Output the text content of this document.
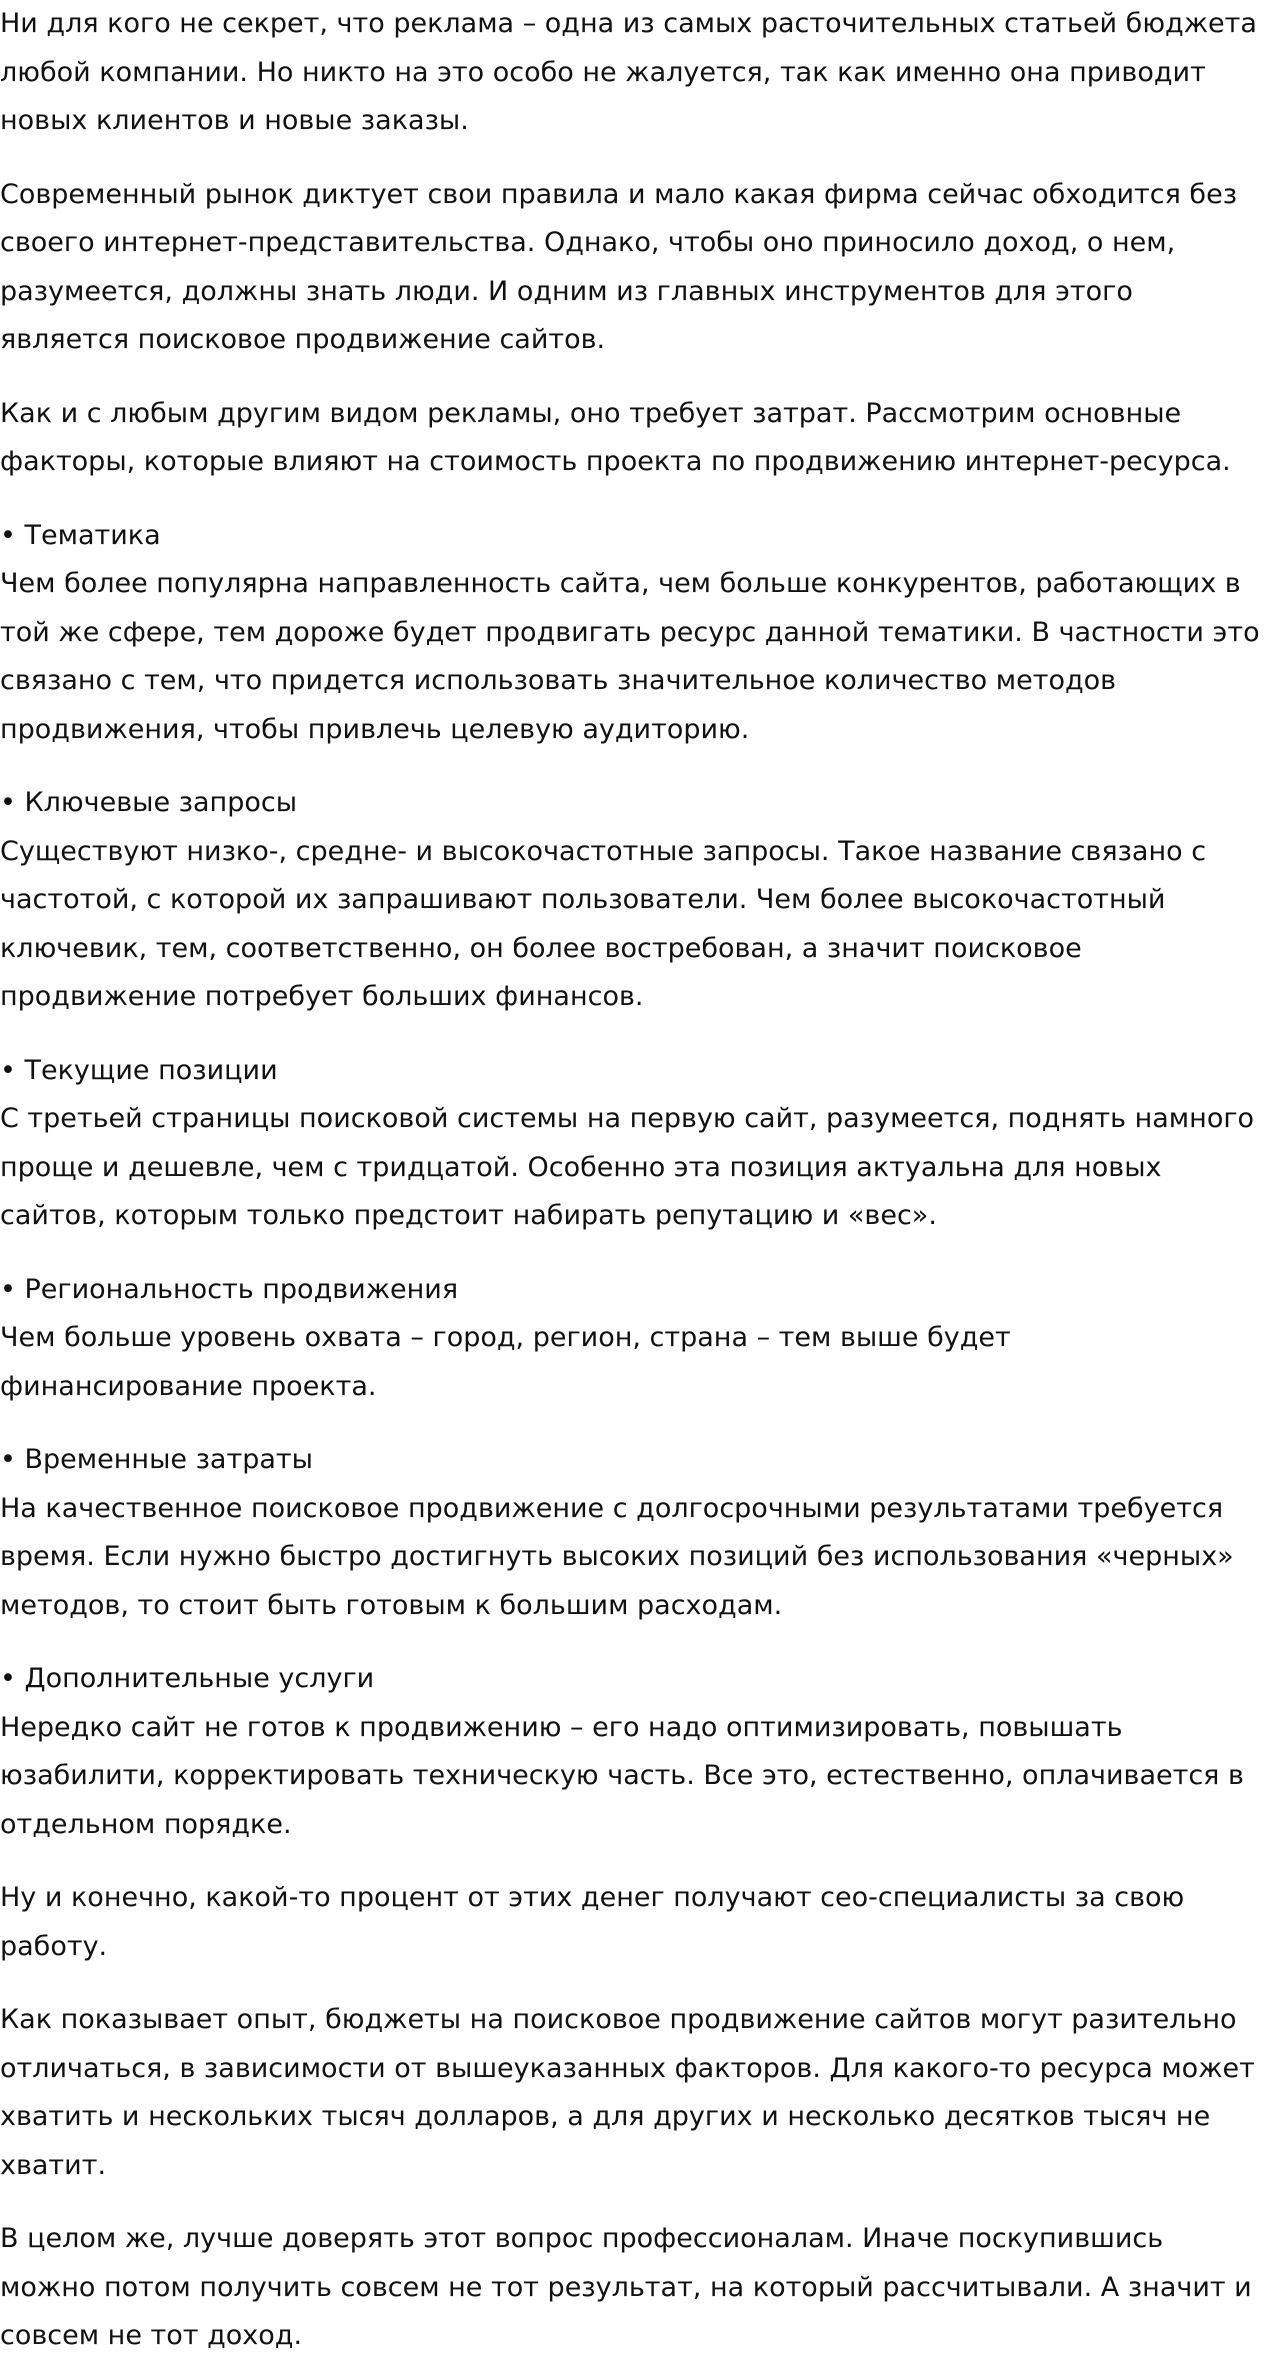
Ни для кого не секрет, что реклама – одна из самых расточительных статьей бюджета любой компании. Но никто на это особо не жалуется, так как именно она приводит новых клиентов и новые заказы.

Современный рынок диктует свои правила и мало какая фирма сейчас обходится без своего интернет-представительства. Однако, чтобы оно приносило доход, о нем, разумеется, должны знать люди. И одним из главных инструментов для этого является поисковое продвижение сайтов.

Как и с любым другим видом рекламы, оно требует затрат. Рассмотрим основные факторы, которые влияют на стоимость проекта по продвижению интернет-ресурса.

• Тематика
Чем более популярна направленность сайта, чем больше конкурентов, работающих в той же сфере, тем дороже будет продвигать ресурс данной тематики. В частности это связано с тем, что придется использовать значительное количество методов продвижения, чтобы привлечь целевую аудиторию.

• Ключевые запросы
Существуют низко-, средне- и высокочастотные запросы. Такое название связано с частотой, с которой их запрашивают пользователи. Чем более высокочастотный ключевик, тем, соответственно, он более востребован, а значит поисковое продвижение потребует больших финансов.

• Текущие позиции
С третьей страницы поисковой системы на первую сайт, разумеется, поднять намного проще и дешевле, чем с тридцатой. Особенно эта позиция актуальна для новых сайтов, которым только предстоит набирать репутацию и «вес».

• Региональность продвижения
Чем больше уровень охвата – город, регион, страна – тем выше будет финансирование проекта.

• Временные затраты
На качественное поисковое продвижение с долгосрочными результатами требуется время. Если нужно быстро достигнуть высоких позиций без использования «черных» методов, то стоит быть готовым к большим расходам.

• Дополнительные услуги
Нередко сайт не готов к продвижению – его надо оптимизировать, повышать юзабилити, корректировать техническую часть. Все это, естественно, оплачивается в отдельном порядке.

Ну и конечно, какой-то процент от этих денег получают сео-специалисты за свою работу.

Как показывает опыт, бюджеты на поисковое продвижение сайтов могут разительно отличаться, в зависимости от вышеуказанных факторов. Для какого-то ресурса может хватить и нескольких тысяч долларов, а для других и несколько десятков тысяч не хватит.

В целом же, лучше доверять этот вопрос профессионалам. Иначе поскупившись можно потом получить совсем не тот результат, на который рассчитывали. А значит и совсем не тот доход.
